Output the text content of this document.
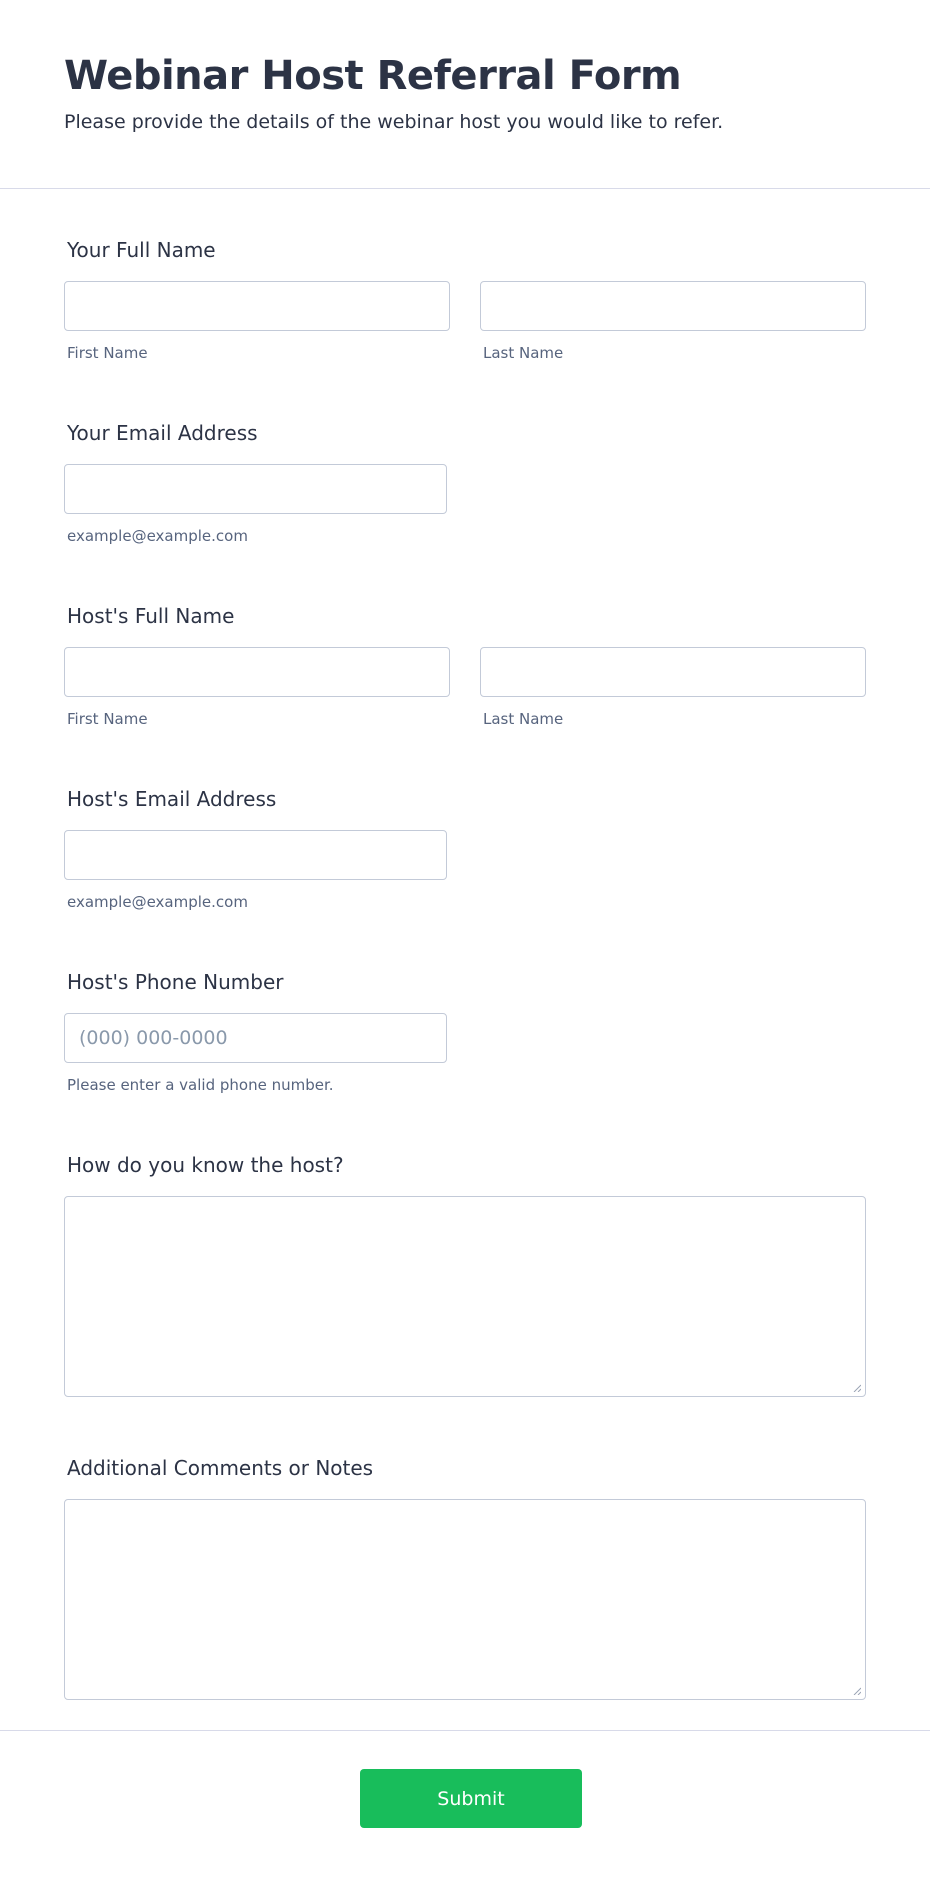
Webinar Host Referral Form

Please provide the details of the webinar host you would like to refer.

Your Full Name
First Name	Last Name
Your Email Address
example@example.com
Host's Full Name
First Name	Last Name
Host's Email Address
example@example.com
Host's Phone Number
(000) 000-0000
Please enter a valid phone number.
How do you know the host?
Additional Comments or Notes
Submit
